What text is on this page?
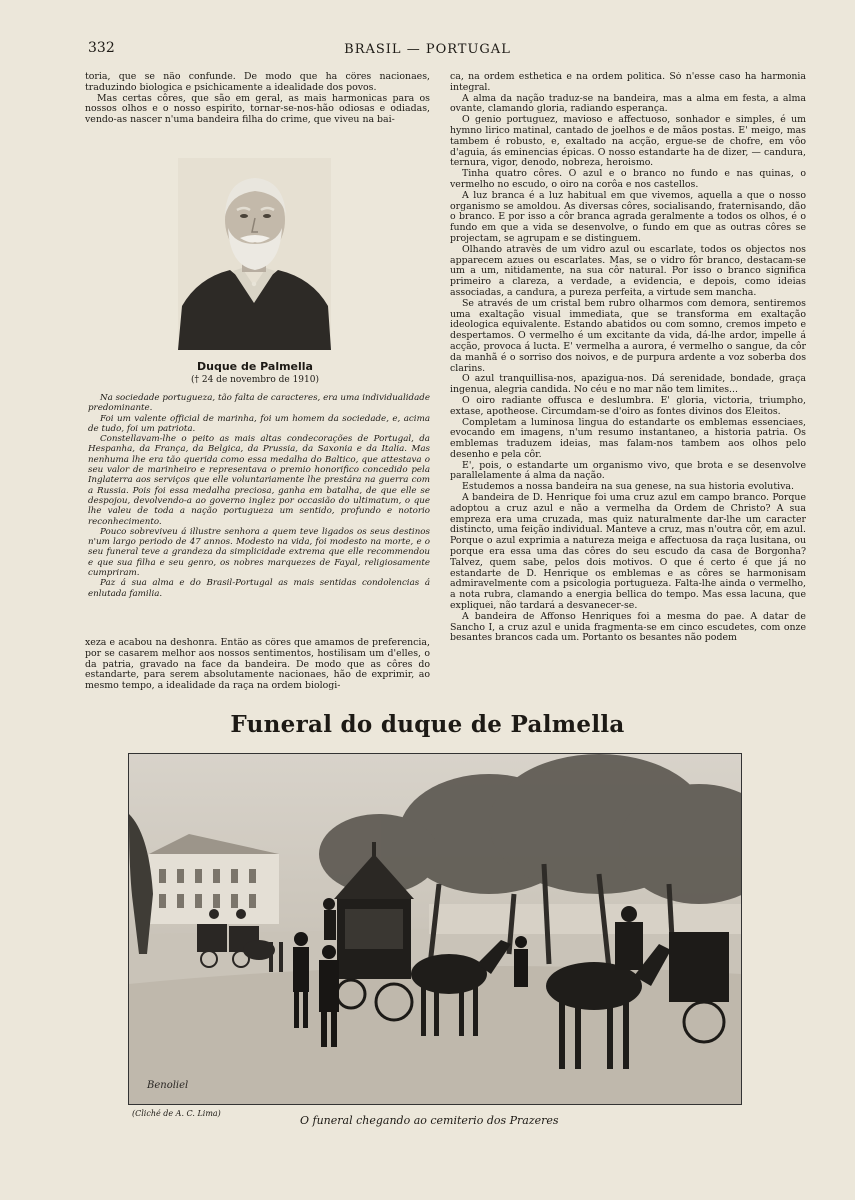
332	BRASIL — PORTUGAL

toria, que se não confunde. De modo que ha côres nacionaes, traduzindo biologica e psichicamente a idealidade dos povos.

Mas certas côres, que são em geral, as mais harmonicas para os nossos olhos e o nosso espirito, tornar-se-nos-hão odiosas e odiadas, vendo-as nascer n'uma bandeira filha do crime, que viveu na bai-

Duque de Palmella
(† 24 de novembro de 1910)

Na sociedade portugueza, tão falta de caracteres, era uma individualidade predominante.

Foi um valente official de marinha, foi um homem da sociedade, e, acima de tudo, foi um patriota.

Constellavam-lhe o peito as mais altas condecorações de Portugal, da Hespanha, da França, da Belgica, da Prussia, da Saxonia e da Italia. Mas nenhuma lhe era tão querida como essa medalha do Baltico, que attestava o seu valor de marinheiro e representava o premio honorifico concedido pela Inglaterra aos serviços que elle voluntariamente lhe prestára na guerra com a Russia. Pois foi essa medalha preciosa, ganha em batalha, de que elle se despojou, devolvendo-a ao governo inglez por occasião do ultimatum, o que lhe valeu de toda a nação portugueza um sentido, profundo e notorio reconhecimento.

Pouco sobreviveu á illustre senhora a quem teve ligados os seus destinos n'um largo periodo de 47 annos. Modesto na vida, foi modesto na morte, e o seu funeral teve a grandeza da simplicidade extrema que elle recommendou e que sua filha e seu genro, os nobres marquezes de Fayal, religiosamente cumpriram.

Paz á sua alma e do Brasil-Portugal as mais sentidas condolencias á enlutada familia.

xeza e acabou na deshonra. Então as côres que amamos de preferencia, por se casarem melhor aos nossos sentimentos, hostilisam um d'elles, o da patria, gravado na face da bandeira. De modo que as côres do estandarte, para serem absolutamente nacionaes, hão de exprimir, ao mesmo tempo, a idealidade da raça na ordem biologi-

ca, na ordem esthetica e na ordem politica. Só n'esse caso ha harmonia integral.

A alma da nação traduz-se na bandeira, mas a alma em festa, a alma ovante, clamando gloria, radiando esperança.

O genio portuguez, mavioso e affectuoso, sonhador e simples, é um hymno lirico matinal, cantado de joelhos e de mãos postas. E' meigo, mas tambem é robusto, e, exaltado na acção, ergue-se de chofre, em vôo d'aguia, ás eminencias épicas. O nosso estandarte ha de dizer, — candura, ternura, vigor, denodo, nobreza, heroismo.

Tinha quatro côres. O azul e o branco no fundo e nas quinas, o vermelho no escudo, o oiro na corôa e nos castellos.

A luz branca é a luz habitual em que vivemos, aquella a que o nosso organismo se amoldou. As diversas côres, socialisando, fraternisando, dão o branco. E por isso a côr branca agrada geralmente a todos os olhos, é o fundo em que a vida se desenvolve, o fundo em que as outras côres se projectam, se agrupam e se distinguem.

Olhando atravès de um vidro azul ou escarlate, todos os objectos nos apparecem azues ou escarlates. Mas, se o vidro fôr branco, destacam-se um a um, nitidamente, na sua côr natural. Por isso o branco significa primeiro a clareza, a verdade, a evidencia, e depois, como ideias associadas, a candura, a pureza perfeita, a virtude sem mancha.

Se através de um cristal bem rubro olharmos com demora, sentiremos uma exaltação visual immediata, que se transforma em exaltação ideologica equivalente. Estando abatidos ou com somno, cremos impeto e despertamos. O vermelho é um excitante da vida, dá-lhe ardor, impelle á acção, provoca á lucta. E' vermelha a aurora, é vermelho o sangue, da côr da manhã é o sorriso dos noivos, e de purpura ardente a voz soberba dos clarins.

O azul tranquillisa-nos, apazigua-nos. Dá serenidade, bondade, graça ingenua, alegria candida. No céu e no mar não tem limites...

O oiro radiante offusca e deslumbra. E' gloria, victoria, triumpho, extase, apotheose. Circumdam-se d'oiro as fontes divinos dos Eleitos.

Completam a luminosa lingua do estandarte os emblemas essenciaes, evocando em imagens, n'um resumo instantaneo, a historia patria. Os emblemas traduzem ideias, mas falam-nos tambem aos olhos pelo desenho e pela côr.

E', pois, o estandarte um organismo vivo, que brota e se desenvolve parallelamente á alma da nação.

Estudemos a nossa bandeira na sua genese, na sua historia evolutiva.

A bandeira de D. Henrique foi uma cruz azul em campo branco. Porque adoptou a cruz azul e não a vermelha da Ordem de Christo? A sua empreza era uma cruzada, mas quiz naturalmente dar-lhe um caracter distincto, uma feição individual. Manteve a cruz, mas n'outra côr, em azul. Porque o azul exprimia a natureza meiga e affectuosa da raça lusitana, ou porque era essa uma das côres do seu escudo da casa de Borgonha? Talvez, quem sabe, pelos dois motivos. O que é certo é que já no estandarte de D. Henrique os emblemas e as côres se harmonisam admiravelmente com a psicologia portugueza. Falta-lhe ainda o vermelho, a nota rubra, clamando a energia bellica do tempo. Mas essa lacuna, que expliquei, não tardará a desvanecer-se.

A bandeira de Affonso Henriques foi a mesma do pae. A datar de Sancho I, a cruz azul e unida fragmenta-se em cinco escudetes, com onze besantes brancos cada um. Portanto os besantes não podem

Funeral do duque de Palmella
Benoliel
(Cliché de A. C. Lima)
O funeral chegando ao cemiterio dos Prazeres
